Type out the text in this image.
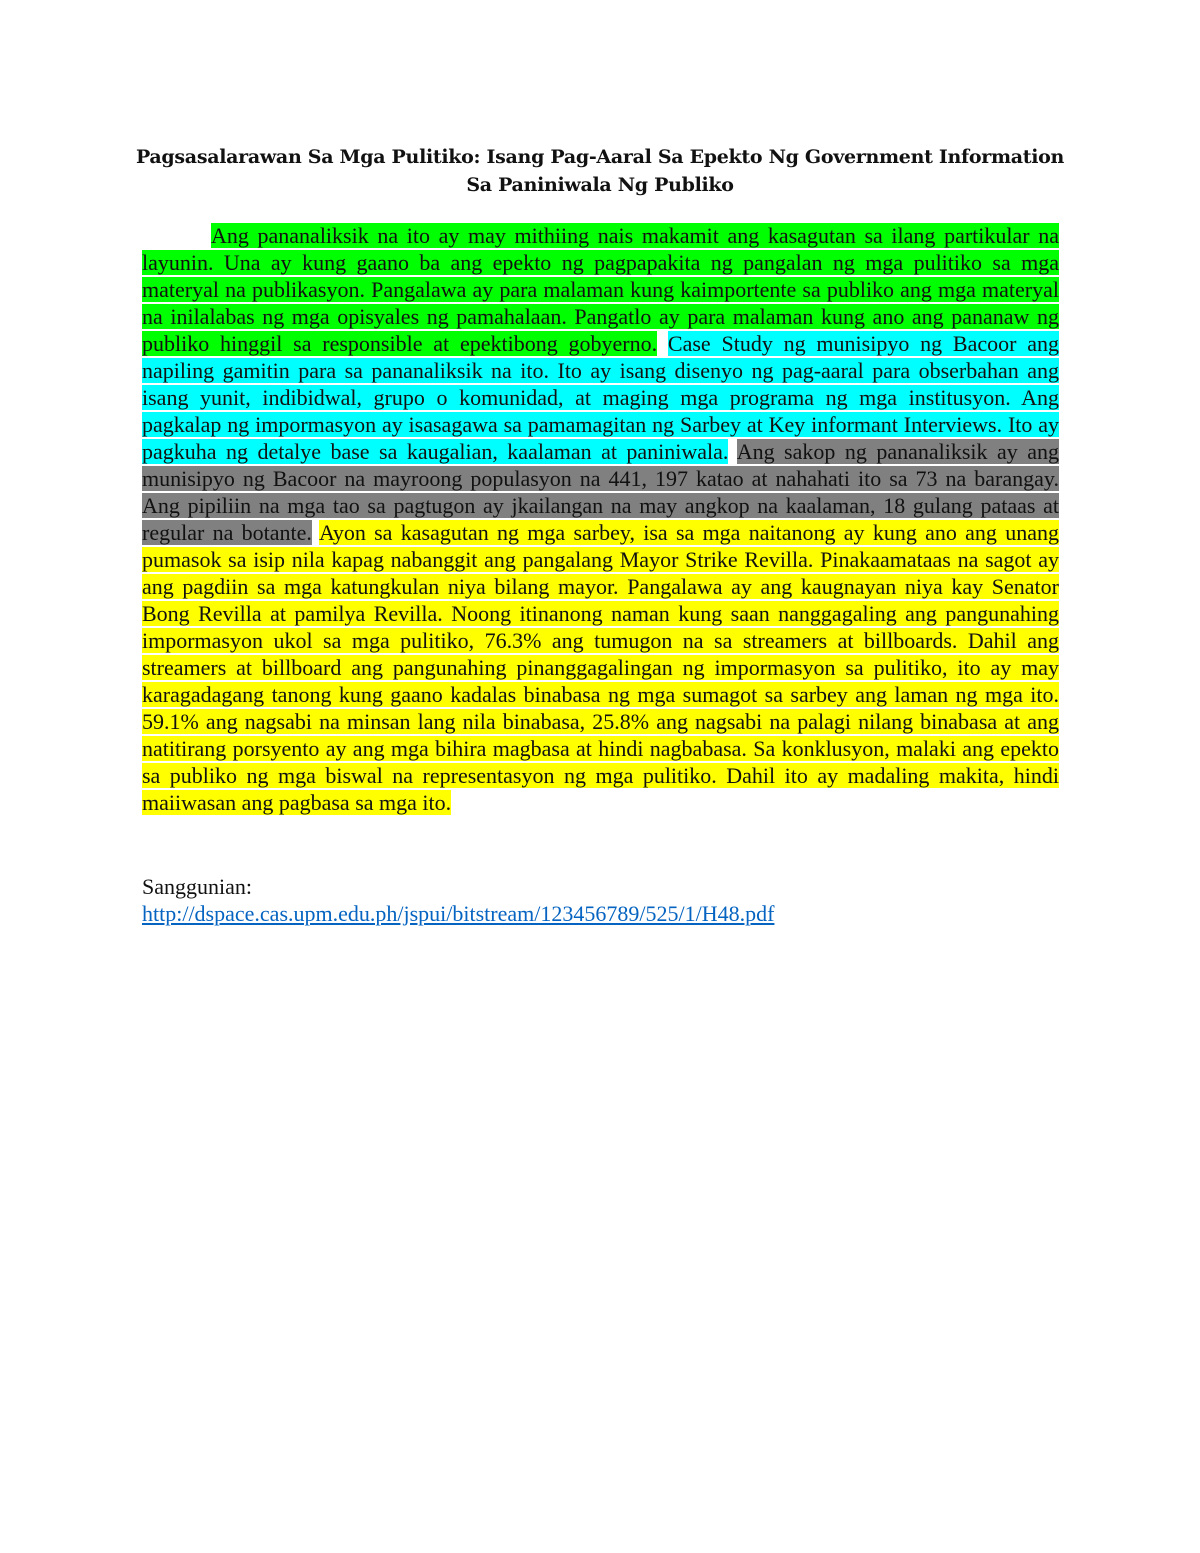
Pagsasalarawan Sa Mga Pulitiko: Isang Pag-Aaral Sa Epekto Ng Government Information
Sa Paniniwala Ng Publiko

Ang pananaliksik na ito ay may mithiing nais makamit ang kasagutan sa ilang partikular na layunin. Una ay kung gaano ba ang epekto ng pagpapakita ng pangalan ng mga pulitiko sa mga materyal na publikasyon. Pangalawa ay para malaman kung kaimportente sa publiko ang mga materyal na inilalabas ng mga opisyales ng pamahalaan. Pangatlo ay para malaman kung ano ang pananaw ng publiko hinggil sa responsible at epektibong gobyerno. Case Study ng munisipyo ng Bacoor ang napiling gamitin para sa pananaliksik na ito. Ito ay isang disenyo ng pag-aaral para obserbahan ang isang yunit, indibidwal, grupo o komunidad, at maging mga programa ng mga institusyon. Ang pagkalap ng impormasyon ay isasagawa sa pamamagitan ng Sarbey at Key informant Interviews. Ito ay pagkuha ng detalye base sa kaugalian, kaalaman at paniniwala. Ang sakop ng pananaliksik ay ang munisipyo ng Bacoor na mayroong populasyon na 441, 197 katao at nahahati ito sa 73 na barangay. Ang pipiliin na mga tao sa pagtugon ay jkailangan na may angkop na kaalaman, 18 gulang pataas at regular na botante. Ayon sa kasagutan ng mga sarbey, isa sa mga naitanong ay kung ano ang unang pumasok sa isip nila kapag nabanggit ang pangalang Mayor Strike Revilla. Pinakaamataas na sagot ay ang pagdiin sa mga katungkulan niya bilang mayor. Pangalawa ay ang kaugnayan niya kay Senator Bong Revilla at pamilya Revilla. Noong itinanong naman kung saan nanggagaling ang pangunahing impormasyon ukol sa mga pulitiko, 76.3% ang tumugon na sa streamers at billboards. Dahil ang streamers at billboard ang pangunahing pinanggagalingan ng impormasyon sa pulitiko, ito ay may karagadagang tanong kung gaano kadalas binabasa ng mga sumagot sa sarbey ang laman ng mga ito. 59.1% ang nagsabi na minsan lang nila binabasa, 25.8% ang nagsabi na palagi nilang binabasa at ang natitirang porsyento ay ang mga bihira magbasa at hindi nagbabasa. Sa konklusyon, malaki ang epekto sa publiko ng mga biswal na representasyon ng mga pulitiko. Dahil ito ay madaling makita, hindi maiiwasan ang pagbasa sa mga ito.

Sanggunian:
http://dspace.cas.upm.edu.ph/jspui/bitstream/123456789/525/1/H48.pdf
